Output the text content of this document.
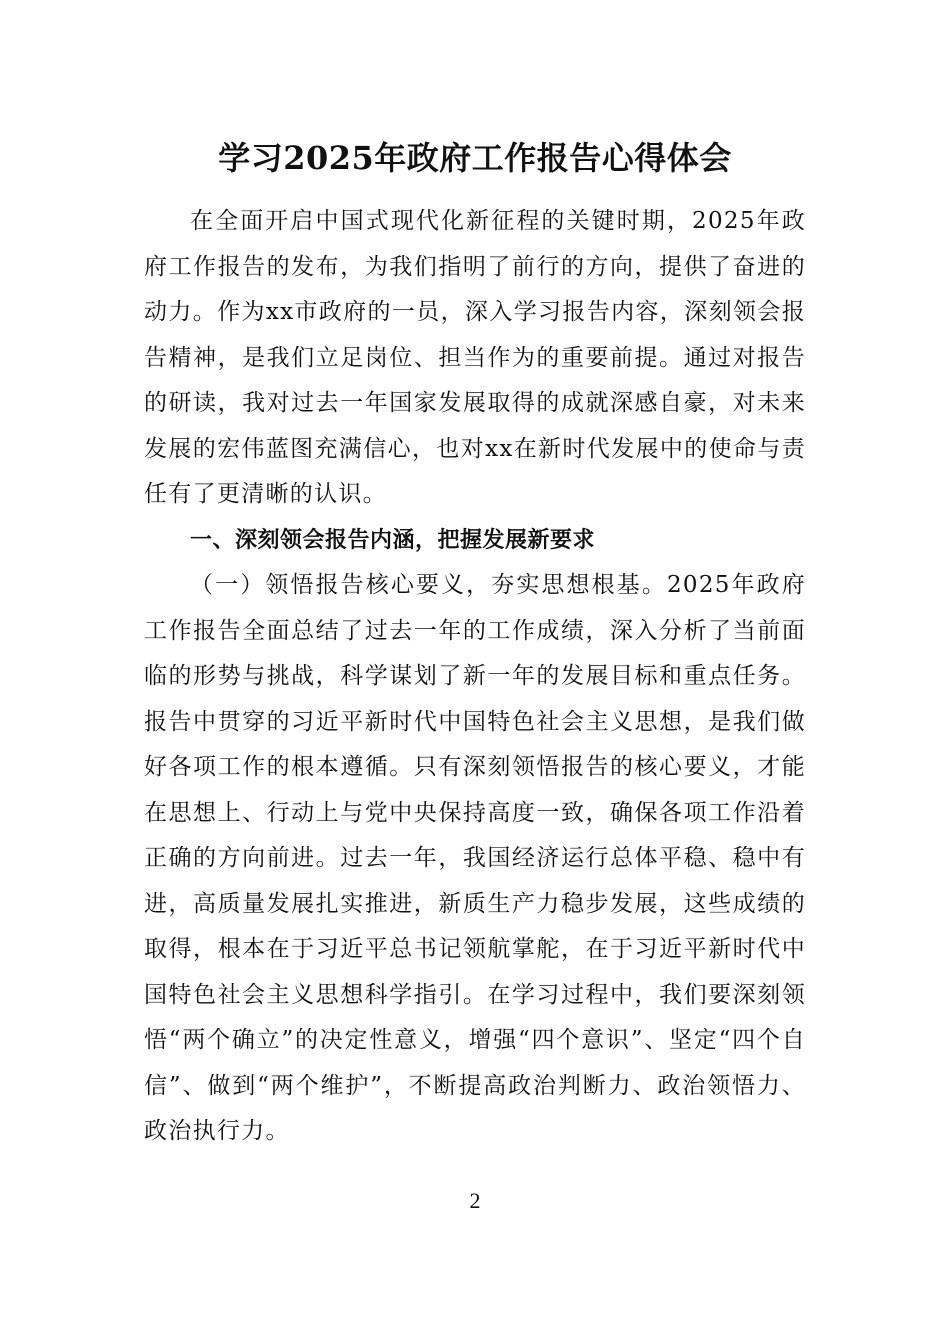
学习2025年政府工作报告心得体会

在全面开启中国式现代化新征程的关键时期，2025年政府工作报告的发布，为我们指明了前行的方向，提供了奋进的动力。作为xx市政府的一员，深入学习报告内容，深刻领会报告精神，是我们立足岗位、担当作为的重要前提。通过对报告的研读，我对过去一年国家发展取得的成就深感自豪，对未来发展的宏伟蓝图充满信心，也对xx在新时代发展中的使命与责任有了更清晰的认识。

一、深刻领会报告内涵，把握发展新要求

（一）领悟报告核心要义，夯实思想根基。2025年政府工作报告全面总结了过去一年的工作成绩，深入分析了当前面临的形势与挑战，科学谋划了新一年的发展目标和重点任务。报告中贯穿的习近平新时代中国特色社会主义思想，是我们做好各项工作的根本遵循。只有深刻领悟报告的核心要义，才能在思想上、行动上与党中央保持高度一致，确保各项工作沿着正确的方向前进。过去一年，我国经济运行总体平稳、稳中有进，高质量发展扎实推进，新质生产力稳步发展，这些成绩的取得，根本在于习近平总书记领航掌舵，在于习近平新时代中国特色社会主义思想科学指引。在学习过程中，我们要深刻领悟“两个确立”的决定性意义，增强“四个意识”、坚定“四个自信”、做到“两个维护”，不断提高政治判断力、政治领悟力、政治执行力。

2
